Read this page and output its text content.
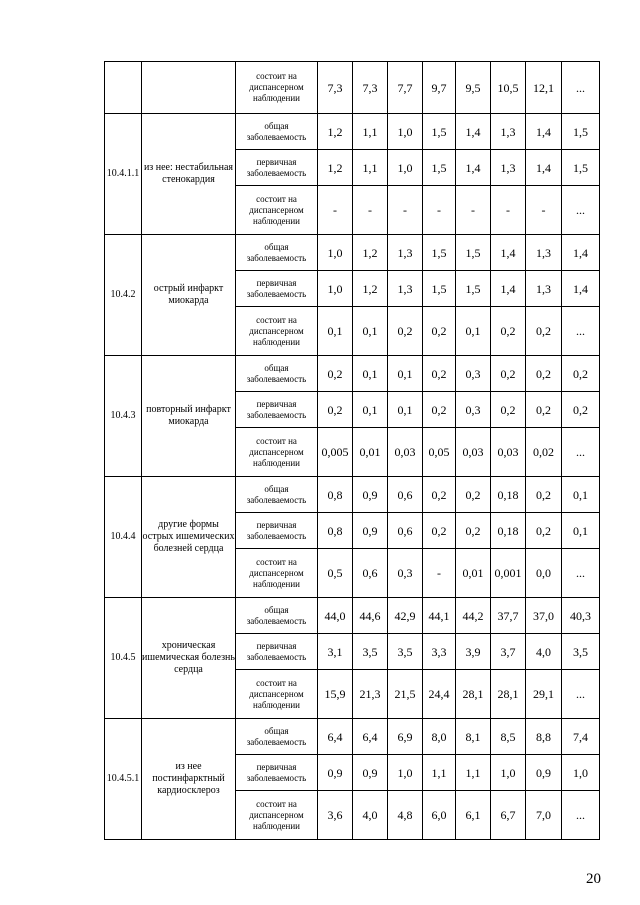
		состоит на диспансерном наблюдении	7,3	7,3	7,7	9,7	9,5	10,5	12,1	...
10.4.1.1	из нее: нестабильная стенокардия	общая заболеваемость	1,2	1,1	1,0	1,5	1,4	1,3	1,4	1,5
		первичная заболеваемость	1,2	1,1	1,0	1,5	1,4	1,3	1,4	1,5
		состоит на диспансерном наблюдении	-	-	-	-	-	-	-	...
10.4.2	острый инфаркт миокарда	общая заболеваемость	1,0	1,2	1,3	1,5	1,5	1,4	1,3	1,4
		первичная заболеваемость	1,0	1,2	1,3	1,5	1,5	1,4	1,3	1,4
		состоит на диспансерном наблюдении	0,1	0,1	0,2	0,2	0,1	0,2	0,2	...
10.4.3	повторный инфаркт миокарда	общая заболеваемость	0,2	0,1	0,1	0,2	0,3	0,2	0,2	0,2
		первичная заболеваемость	0,2	0,1	0,1	0,2	0,3	0,2	0,2	0,2
		состоит на диспансерном наблюдении	0,005	0,01	0,03	0,05	0,03	0,03	0,02	...
10.4.4	другие формы острых ишемических болезней сердца	общая заболеваемость	0,8	0,9	0,6	0,2	0,2	0,18	0,2	0,1
		первичная заболеваемость	0,8	0,9	0,6	0,2	0,2	0,18	0,2	0,1
		состоит на диспансерном наблюдении	0,5	0,6	0,3	-	0,01	0,001	0,0	...
10.4.5	хроническая ишемическая болезнь сердца	общая заболеваемость	44,0	44,6	42,9	44,1	44,2	37,7	37,0	40,3
		первичная заболеваемость	3,1	3,5	3,5	3,3	3,9	3,7	4,0	3,5
		состоит на диспансерном наблюдении	15,9	21,3	21,5	24,4	28,1	28,1	29,1	...
10.4.5.1	из нее постинфарктный кардиосклероз	общая заболеваемость	6,4	6,4	6,9	8,0	8,1	8,5	8,8	7,4
		первичная заболеваемость	0,9	0,9	1,0	1,1	1,1	1,0	0,9	1,0
		состоит на диспансерном наблюдении	3,6	4,0	4,8	6,0	6,1	6,7	7,0	...
20
